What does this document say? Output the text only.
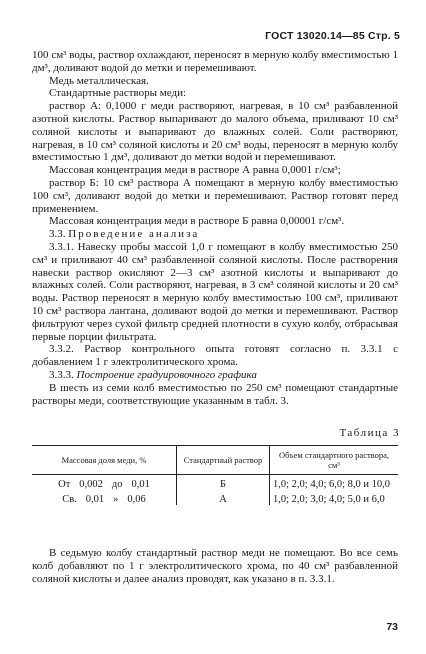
ГОСТ 13020.14—85 Стр. 5

100 см³ воды, раствор охлаждают, переносят в мерную колбу вместимостью 1 дм³, доливают водой до метки и перемешивают.

Медь металлическая.

Стандартные растворы меди:

раствор А: 0,1000 г меди растворяют, нагревая, в 10 см³ разбавленной азотной кислоты. Раствор выпаривают до малого объема, приливают 10 см³ соляной кислоты и выпаривают до влажных солей. Соли растворяют, нагревая, в 10 см³ соляной кислоты и 20 см³ воды, переносят в мерную колбу вместимостью 1 дм³, доливают до метки водой и перемешивают.

Массовая концентрация меди в растворе А равна 0,0001 г/см³;

раствор Б: 10 см³ раствора А помещают в мерную колбу вместимостью 100 см³, доливают водой до метки и перемешивают. Раствор готовят перед применением.

Массовая концентрация меди в растворе Б равна 0,00001 г/см³.

3.3. Проведение анализа

3.3.1. Навеску пробы массой 1,0 г помещают в колбу вместимостью 250 см³ и приливают 40 см³ разбавленной соляной кислоты. После растворения навески раствор окисляют 2—3 см³ азотной кислоты и выпаривают до влажных солей. Соли растворяют, нагревая, в 3 см³ соляной кислоты и 20 см³ воды. Раствор переносят в мерную колбу вместимостью 100 см³, приливают 10 см³ раствора лантана, доливают водой до метки и перемешивают. Раствор фильтруют через сухой фильтр средней плотности в сухую колбу, отбрасывая первые порции фильтрата.

3.3.2. Раствор контрольного опыта готовят согласно п. 3.3.1 с добавлением 1 г электролитического хрома.

3.3.3. Построение градуировочного графика

В шесть из семи колб вместимостью по 250 см³ помещают стандартные растворы меди, соответствующие указанным в табл. 3.

Таблица 3
Массовая доля меди, %	Стандартный раствор	Объем стандартного раствора, см³
От 0,002 до 0,01	Б	1,0; 2,0; 4,0; 6,0; 8,0 и 10,0
Св. 0,01 » 0,06	А	1,0; 2,0; 3,0; 4,0; 5,0 и 6,0

В седьмую колбу стандартный раствор меди не помещают. Во все семь колб добавляют по 1 г электролитического хрома, по 40 см³ разбавленной соляной кислоты и далее анализ проводят, как указано в п. 3.3.1.

73
